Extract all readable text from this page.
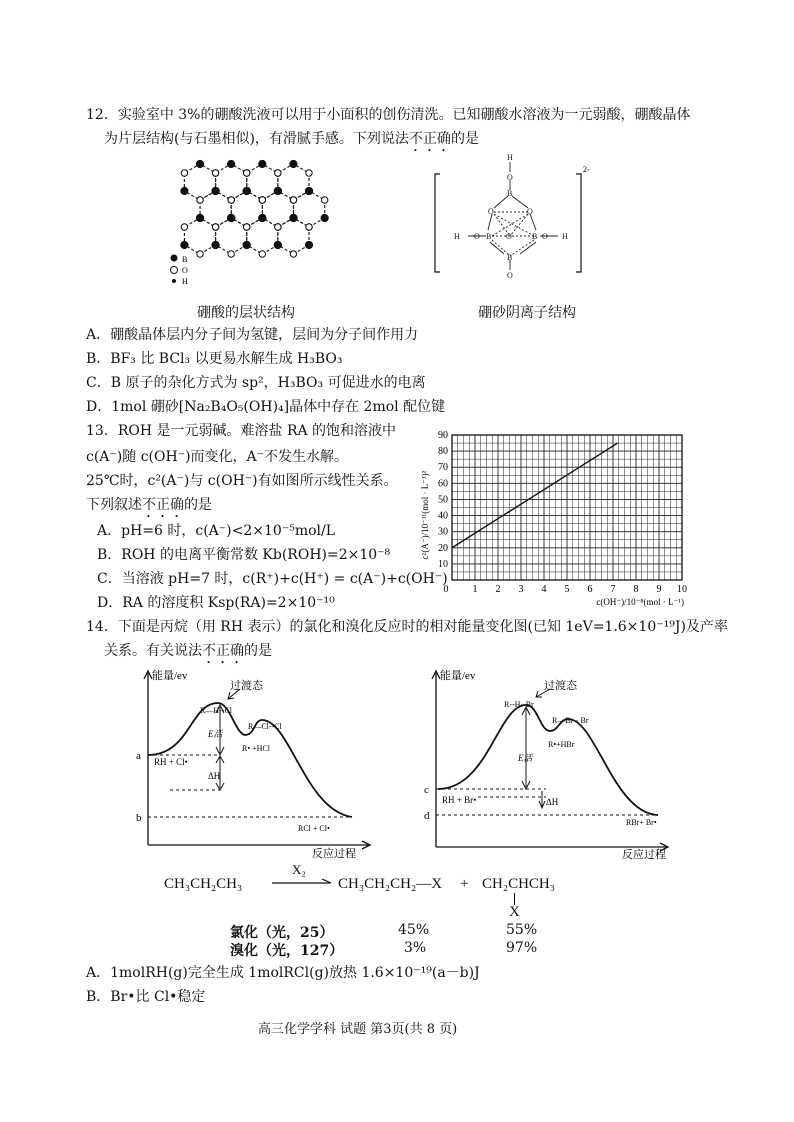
12．实验室中 3%的硼酸洗液可以用于小面积的创伤清洗。已知硼酸水溶液为一元弱酸，硼酸晶体
为片层结构(与石墨相似)，有滑腻手感。下列说法不正确的是
B
O
H
2-
H
O
B
O	O
H O B O	B O H
B
O
硼酸的层状结构	硼砂阴离子结构
A．硼酸晶体层内分子间为氢键，层间为分子间作用力
B．BF₃ 比 BCl₃ 以更易水解生成 H₃BO₃
C．B 原子的杂化方式为 sp²，H₃BO₃ 可促进水的电离
D．1mol 硼砂[Na₂B₄O₅(OH)₄]晶体中存在 2mol 配位键
13．ROH 是一元弱碱。难溶盐 RA 的饱和溶液中
c(A⁻)随 c(OH⁻)而变化，A⁻不发生水解。
25℃时，c²(A⁻)与 c(OH⁻)有如图所示线性关系。
下列叙述不正确的是
A．pH=6 时，c(A⁻)<2×10⁻⁵mol/L
B．ROH 的电离平衡常数 Kb(ROH)=2×10⁻⁸
C．当溶液 pH=7 时，c(R⁺)+c(H⁺) = c(A⁻)+c(OH⁻)
D．RA 的溶度积 Ksp(RA)=2×10⁻¹⁰
10
20
30
40
50
60
70
80
90
0 1 2 3 4 5 6 7 8 9 10
c(OH⁻)/10⁻⁸(mol · L⁻¹)
c²(A⁻)/10⁻¹¹(mol · L⁻¹)²
14．下面是丙烷（用 RH 表示）的氯化和溴化反应时的相对能量变化图(已知 1eV=1.6×10⁻¹⁹J)及产率
关系。有关说法不正确的是
能量/ev
反应过程
过渡态
R—H--Cl
R—Cl--Cl
R• +HCl
RH + Cl•
RCl + Cl•
a
b
E活
ΔH
能量/ev
反应过程
过渡态
R--H--Br
R—Br-- Br
R•+HBr
RH + Br•
RBr+ Br•
c
d
E活
ΔH
CH₃CH₂CH₃
X₂
CH₃CH₂CH₂—X + CH₂CHCH₃
X
氯化（光，25）	45%	55%
溴化（光，127）	3%	97%
A．1molRH(g)完全生成 1molRCl(g)放热 1.6×10⁻¹⁹(a－b)J
B．Br•比 Cl•稳定
高三化学学科 试题 第3页(共 8 页)
